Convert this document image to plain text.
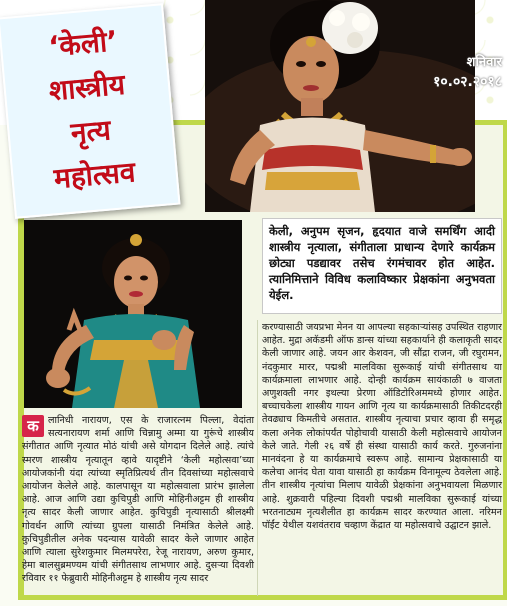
शनिवार
१०.०२.२०१८
‘केली’
शास्त्रीय
नृत्य
महोत्सव
केली, अनुपम सृजन, हृदयात वाजे समर्थिंग आदी शास्त्रीय नृत्याला, संगीताला प्राधान्य देणारे कार्यक्रम छोट्या पडद्यावर तसेच रंगमंचावर होत आहेत. त्यानिमित्ताने विविध कलाविष्कार प्रेक्षकांना अनुभवता येईल.
क लानिधी नारायण, एस के राजारत्नम पिल्ला, वेदांता सत्यनारायण शर्मा आणि चिन्नामु अम्मा या गुरूंचे शास्त्रीय संगीतात आणि नृत्यात मोठं यांची असे योगदान दिलेले आहे. त्यांचे स्मरण शास्त्रीय नृत्यातून व्हावे यादृष्टीने ‘केली महोत्सवा’च्या आयोजकांनी यंदा त्यांच्या स्मृतिप्रित्यर्थ तीन दिवसांच्या महोत्सवाचे आयोजन केलेले आहे. कालपासून या महोत्सवाला प्रारंभ झालेला आहे. आज आणि उद्या कुचिपुडी आणि मोहिनीअट्टम ही शास्त्रीय नृत्य सादर केली जाणार आहेत. कुचिपुडी नृत्यासाठी श्रीलक्ष्मी गोवर्धन आणि त्यांच्या ग्रुपला यासाठी निमंत्रित केलेले आहे. कुचिपुडीतील अनेक पदन्यास यावेळी सादर केले जाणार आहेत आणि त्याला सुरेशकुमार मिलमपरेरा, रेजू नारायण, अरुण कुमार, हेमा बालसुब्रमण्यम यांची संगीतसाथ लाभणार आहे. दुसऱ्या दिवशी रविवार ११ फेब्रुवारी मोहिनीअट्टम हे शास्त्रीय नृत्य सादर
करण्यासाठी जयप्रभा मेनन या आपल्या सहकाऱ्यांसह उपस्थित राहणार आहेत. मुद्रा अकॅडमी ऑफ डान्स यांच्या सहकार्याने ही कलाकृती सादर केली जाणार आहे. जयन आर केशवन, जी सौंद्रा राजन, जी रघुरामन, नंदकुमार मारर, पद्मश्री मालविका सुरूकाई यांची संगीतसाथ या कार्यक्रमाला लाभणार आहे. दोन्ही कार्यक्रम सायंकाळी ७ वाजता अणुशक्ती नगर इथल्या प्रेरणा ऑडिटोरिअममध्ये होणार आहेत. बच्चाचकेला शास्त्रीय गायन आणि नृत्य या कार्यक्रमासाठी तिकीटदरही तेवढ्याच किमतीचे असतात. शास्त्रीय नृत्याचा प्रचार व्हावा ही समृद्ध कला अनेक लोकांपर्यंत पोहोचावी यासाठी केली महोत्सवाचे आयोजन केले जाते. गेली २६ वर्षे ही संस्था यासाठी कार्य करते. गुरुजनांना मानवंदना हे या कार्यक्रमाचे स्वरूप आहे. सामान्य प्रेक्षकासाठी या कलेचा आनंद घेता यावा यासाठी हा कार्यक्रम विनामूल्य ठेवलेला आहे. तीन शास्त्रीय नृत्यांचा मिलाप यावेळी प्रेक्षकांना अनुभवायला मिळणार आहे. शुक्रवारी पहिल्या दिवशी पद्मश्री मालविका सुरूकाई यांच्या भरतनाट्यम नृत्यशैलीत हा कार्यक्रम सादर करण्यात आला. नरिमन पॉईंट येथील यशवंतराव चव्हाण केंद्रात या महोत्सवाचे उद्घाटन झाले.
